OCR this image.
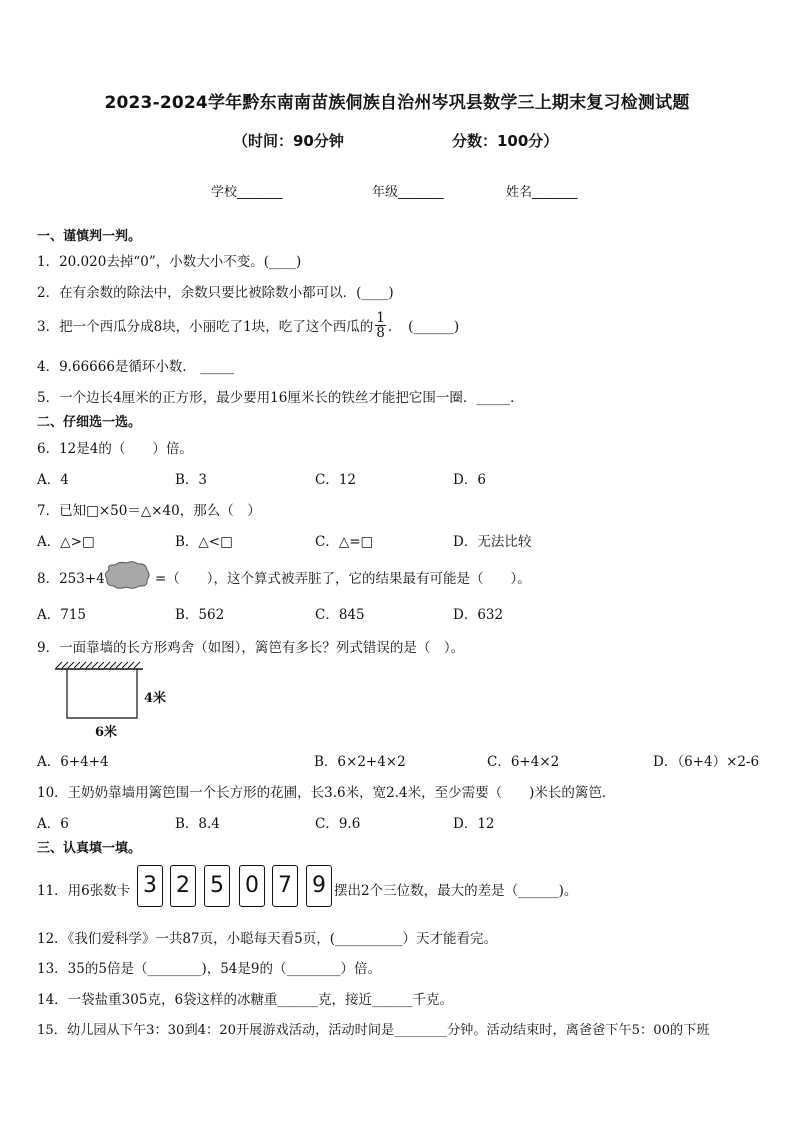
2023-2024学年黔东南南苗族侗族自治州岑巩县数学三上期末复习检测试题
（时间：90分钟	分数：100分）
学校_______	年级_______	姓名_______
一、谨慎判一判。
1．20.020去掉“0”，小数大小不变。(____)
2．在有余数的除法中，余数只要比被除数小都可以．(____)
3．把一个西瓜分成8块，小丽吃了1块，吃了这个西瓜的 $\frac{1}{8}$ ．　(______)
4．9.66666是循环小数． _____
5．一个边长4厘米的正方形，最少要用16厘米长的铁丝才能把它围一圈．_____．
二、仔细选一选。
6．12是4的（　　）倍。
A．4	B．3	C．12	D．6
7．已知□×50＝△×40，那么（　）
A．△>□	B．△<□	C．△=□	D．无法比较
8．253+4	=（　　），这个算式被弄脏了，它的结果最有可能是（　　）。
A．715	B．562	C．845	D．632
9．一面靠墙的长方形鸡舍（如图），篱笆有多长？列式错误的是（　）。
4米
6米
A．6+4+4	B．6×2+4×2	C．6+4×2	D．（6+4）×2-6
10．王奶奶靠墙用篱笆围一个长方形的花圃，长3.6米，宽2.4米，至少需要（　　)米长的篱笆．
A．6	B．8.4	C．9.6	D．12
三、认真填一填。
11．用6张数卡 3 2 5 0 7 9 摆出2个三位数，最大的差是（______)。
12．《我们爱科学》一共87页，小聪每天看5页，(__________）天才能看完。
13．35的5倍是（________)，54是9的（________）倍。
14．一袋盐重305克，6袋这样的冰糖重______克，接近______千克。
15．幼儿园从下午3：30到4：20开展游戏活动，活动时间是________分钟。活动结束时，离爸爸下午5：00的下班
